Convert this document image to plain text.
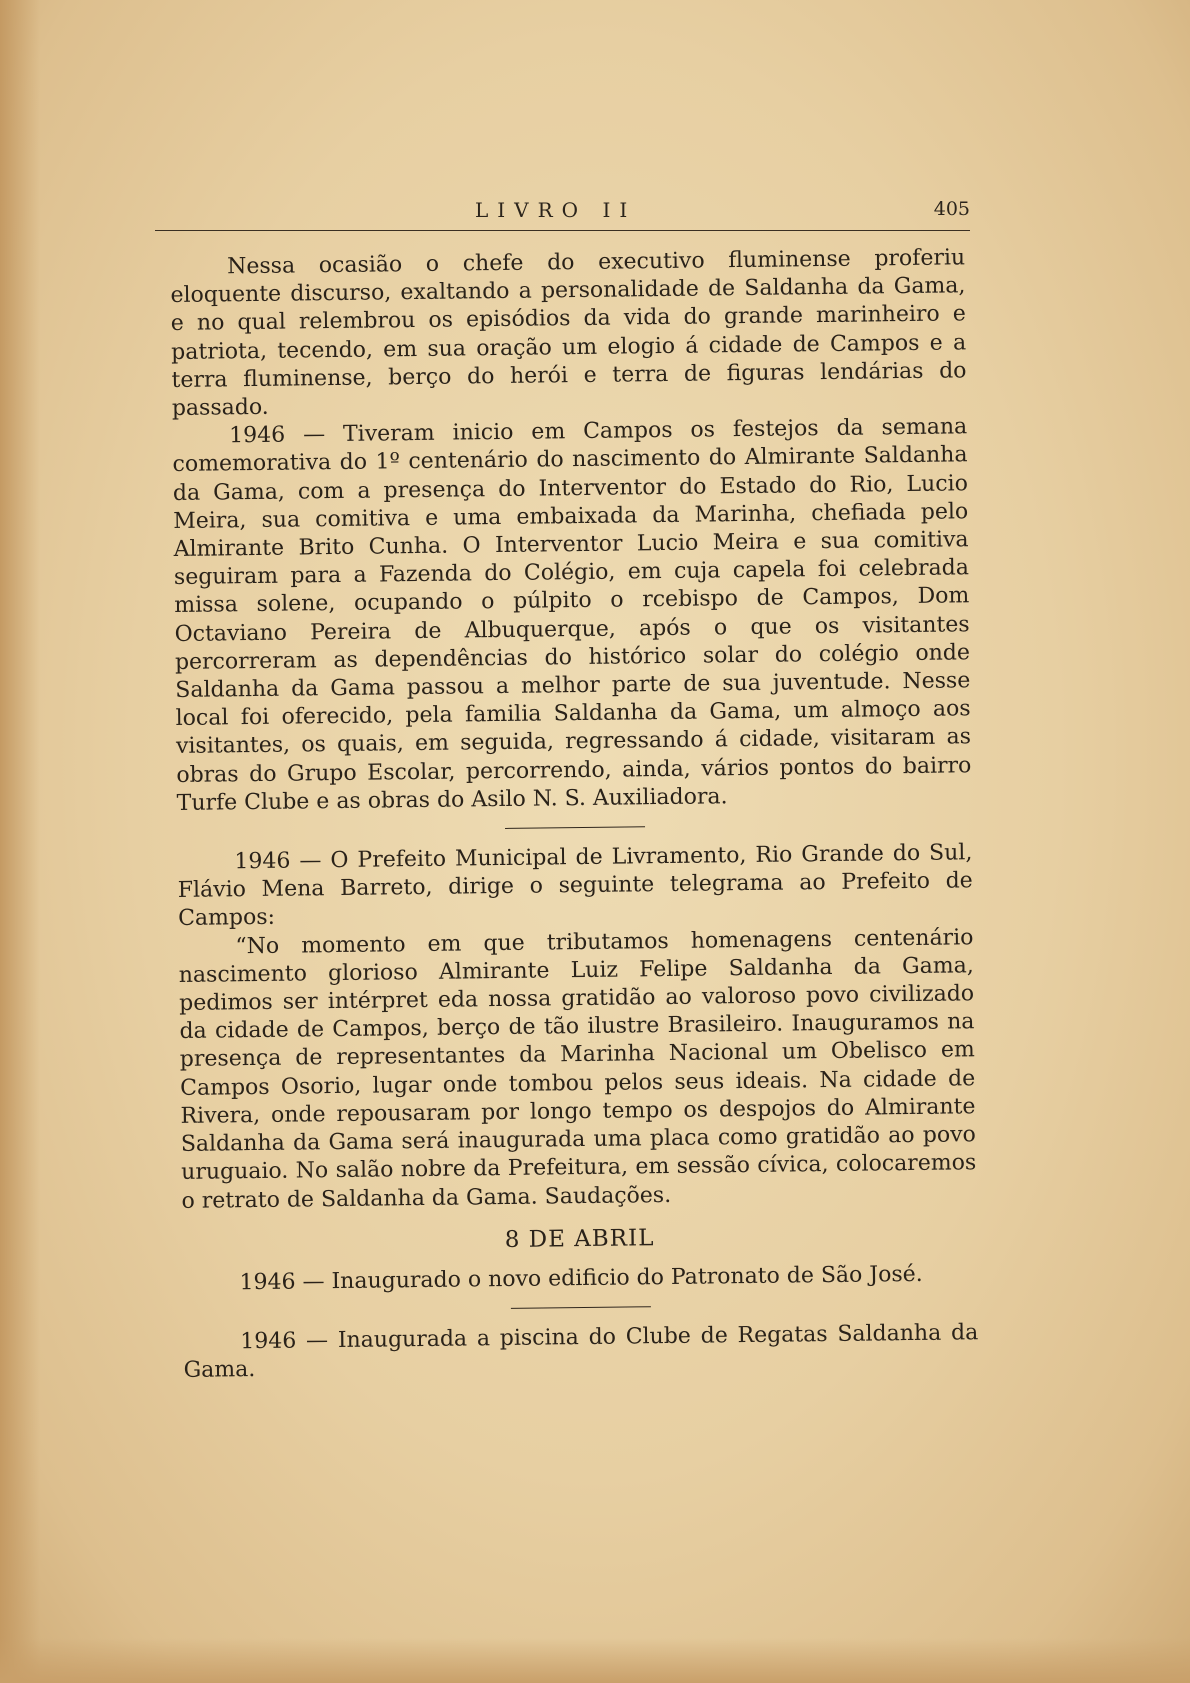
LIVRO II	405

Nessa ocasião o chefe do executivo fluminense proferiu eloquente discurso, exaltando a personalidade de Saldanha da Gama, e no qual relembrou os episódios da vida do grande marinheiro e patriota, tecendo, em sua oração um elogio á cidade de Campos e a terra fluminense, berço do herói e terra de figuras lendárias do passado.

1946 — Tiveram inicio em Campos os festejos da semana comemorativa do 1º centenário do nascimento do Almirante Saldanha da Gama, com a presença do Interventor do Estado do Rio, Lucio Meira, sua comitiva e uma embaixada da Marinha, chefiada pelo Almirante Brito Cunha. O Interventor Lucio Meira e sua comitiva seguiram para a Fazenda do Colégio, em cuja capela foi celebrada missa solene, ocupando o púlpito o rcebispo de Campos, Dom Octaviano Pereira de Albuquerque, após o que os visitantes percorreram as dependências do histórico solar do colégio onde Saldanha da Gama passou a melhor parte de sua juventude. Nesse local foi oferecido, pela familia Saldanha da Gama, um almoço aos visitantes, os quais, em seguida, regressando á cidade, visitaram as obras do Grupo Escolar, percorrendo, ainda, vários pontos do bairro Turfe Clube e as obras do Asilo N. S. Auxiliadora.

1946 — O Prefeito Municipal de Livramento, Rio Grande do Sul, Flávio Mena Barreto, dirige o seguinte telegrama ao Prefeito de Campos:

“No momento em que tributamos homenagens centenário nascimento glorioso Almirante Luiz Felipe Saldanha da Gama, pedimos ser intérpret eda nossa gratidão ao valoroso povo civilizado da cidade de Campos, berço de tão ilustre Brasileiro. Inauguramos na presença de representantes da Marinha Nacional um Obelisco em Campos Osorio, lugar onde tombou pelos seus ideais. Na cidade de Rivera, onde repousaram por longo tempo os despojos do Almirante Saldanha da Gama será inaugurada uma placa como gratidão ao povo uruguaio. No salão nobre da Prefeitura, em sessão cívica, colocaremos o retrato de Saldanha da Gama. Saudações.

8 DE ABRIL

1946 — Inaugurado o novo edificio do Patronato de São José.

1946 — Inaugurada a piscina do Clube de Regatas Saldanha da Gama.
